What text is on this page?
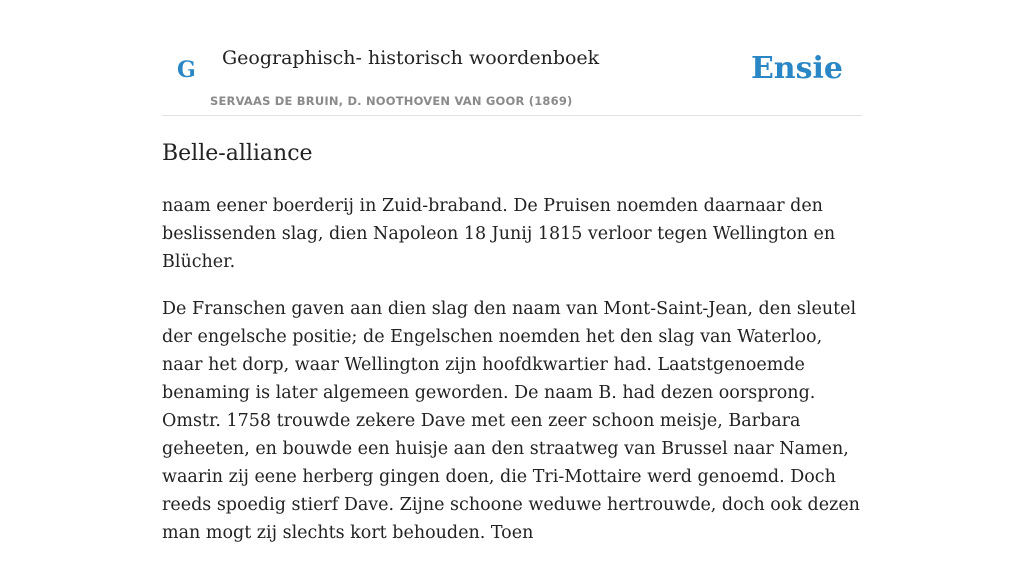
G Geographisch- historisch woordenboek
SERVAAS DE BRUIN, D. NOOTHOVEN VAN GOOR (1869)
Ensie
Belle-alliance

naam eener boerderij in Zuid-braband. De Pruisen noemden daarnaar den beslissenden slag, dien Napoleon 18 Junij 1815 verloor tegen Wellington en Blücher.

De Franschen gaven aan dien slag den naam van Mont-Saint-Jean, den sleutel der engelsche positie; de Engelschen noemden het den slag van Waterloo, naar het dorp, waar Wellington zijn hoofdkwartier had. Laatstgenoemde benaming is later algemeen geworden. De naam B. had dezen oorsprong. Omstr. 1758 trouwde zekere Dave met een zeer schoon meisje, Barbara geheeten, en bouwde een huisje aan den straatweg van Brussel naar Namen, waarin zij eene herberg gingen doen, die Tri-Mottaire werd genoemd. Doch reeds spoedig stierf Dave. Zijne schoone weduwe hertrouwde, doch ook dezen man mogt zij slechts kort behouden. Toen
